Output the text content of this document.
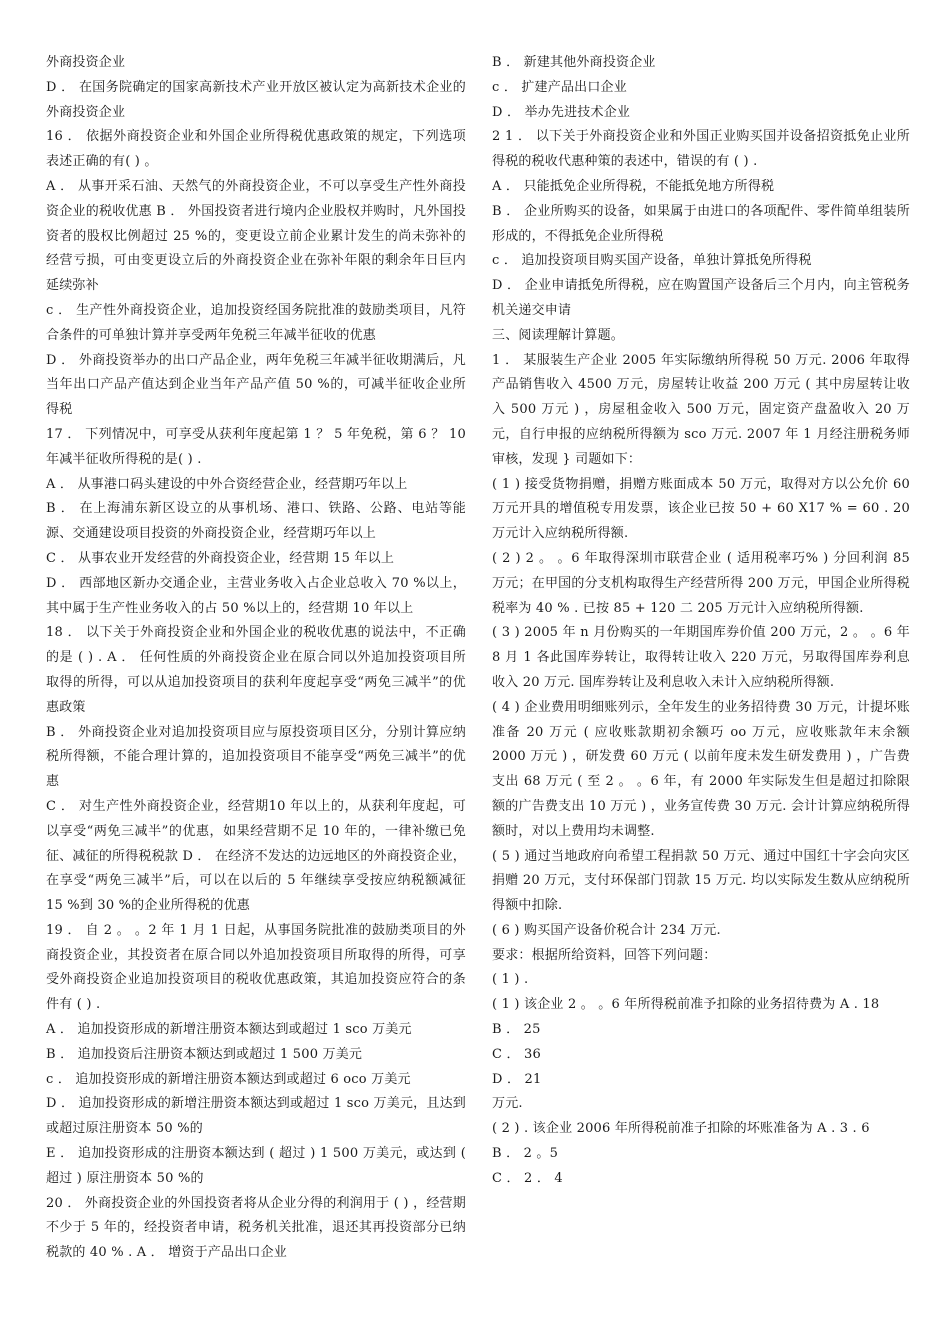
外商投资企业

D ． 在国务院确定的国家高新技术产业开放区被认定为高新技术企业的外商投资企业

16 ． 依据外商投资企业和外国企业所得税优惠政策的规定，下列选项表述正确的有( ) 。

A ． 从事开采石油、天然气的外商投资企业，不可以享受生产性外商投资企业的税收优惠 B ． 外国投资者进行境内企业股权并购时，凡外国投资者的股权比例超过 25 %的，变更设立前企业累计发生的尚未弥补的经营亏损，可由变更设立后的外商投资企业在弥补年限的剩余年日巨内延续弥补

c ． 生产性外商投资企业，追加投资经国务院批准的鼓励类项目，凡符合条件的可单独计算并享受两年免税三年减半征收的优惠

D ． 外商投资举办的出口产品企业，两年免税三年减半征收期满后，凡当年出口产品产值达到企业当年产品产值 50 %的，可减半征收企业所得税

17 ． 下列情况中，可享受从获利年度起第 1 ？ 5 年免税，第 6 ？ 10 年减半征收所得税的是( ) .

A ． 从事港口码头建设的中外合资经营企业，经营期巧年以上

B ． 在上海浦东新区设立的从事机场、港口、铁路、公路、电站等能源、交通建设项目投资的外商投资企业，经营期巧年以上

C ． 从事农业开发经营的外商投资企业，经营期 15 年以上

D ． 西部地区新办交通企业，主营业务收入占企业总收入 70 %以上，其中属于生产性业务收入的占 50 %以上的，经营期 10 年以上

18 ． 以下关于外商投资企业和外国企业的税收优惠的说法中，不正确的是 ( ) . A ． 任何性质的外商投资企业在原合同以外追加投资项目所取得的所得，可以从追加投资项目的获利年度起享受“两免三减半”的优惠政策

B ． 外商投资企业对追加投资项目应与原投资项目区分，分别计算应纳税所得额，不能合理计算的，追加投资项目不能享受“两免三减半”的优惠

C ． 对生产性外商投资企业，经营期10 年以上的，从获利年度起，可以享受“两免三减半”的优惠，如果经营期不足 10 年的，一律补缴已免征、减征的所得税税款 D ． 在经济不发达的边远地区的外商投资企业，在享受“两免三减半”后，可以在以后的 5 年继续享受按应纳税额减征 15 %到 30 %的企业所得税的优惠

19 ． 自 2 。 。2 年 1 月 1 日起，从事国务院批准的鼓励类项目的外商投资企业，其投资者在原合同以外追加投资项目所取得的所得，可享受外商投资企业追加投资项目的税收优惠政策，其追加投资应符合的条件有 ( ) .

A ． 追加投资形成的新增注册资本额达到或超过 1 sco 万美元

B ． 追加投资后注册资本额达到或超过 1 500 万美元

c ． 追加投资形成的新增注册资本额达到或超过 6 oco 万美元

D ． 追加投资形成的新增注册资本额达到或超过 1 sco 万美元，且达到或超过原注册资本 50 %的

E ． 追加投资形成的注册资本额达到 ( 超过 ) 1 500 万美元，或达到 ( 超过 ) 原注册资本 50 %的

20 ． 外商投资企业的外国投资者将从企业分得的利润用于 ( ) ，经营期不少于 5 年的，经投资者申请，税务机关批准，退还其再投资部分已纳税款的 40 % . A ． 增资于产品出口企业

B ． 新建其他外商投资企业

c ． 扩建产品出口企业

D ． 举办先进技术企业

2 1 ． 以下关于外商投资企业和外国正业购买国并设备招资抵免止业所得税的税收代惠种策的表述中，错误的有 ( ) .

A ． 只能抵免企业所得税，不能抵免地方所得税

B ． 企业所购买的设备，如果属于由进口的各项配件、零件简单组装所形成的，不得抵免企业所得税

c ． 追加投资项目购买国产设备，单独计算抵免所得税

D ． 企业申请抵免所得税，应在购置国产设备后三个月内，向主管税务机关递交申请

三、阅读理解计算题。

1 ． 某服装生产企业 2005 年实际缴纳所得税 50 万元. 2006 年取得产品销售收入 4500 万元，房屋转让收益 200 万元 ( 其中房屋转让收入 500 万元 ) ，房屋租金收入 500 万元，固定资产盘盈收入 20 万元，自行申报的应纳税所得额为 sco 万元. 2007 年 1 月经注册税务师审核，发现 } 司题如下：

( 1 ) 接受货物捐赠，捐赠方账面成本 50 万元，取得对方以公允价 60 万元开具的增值税专用发票，该企业已按 50 + 60 X17 % = 60 . 20 万元计入应纳税所得额.

( 2 ) 2 。 。6 年取得深圳市联营企业 ( 适用税率巧% ) 分回利润 85 万元；在甲国的分支机构取得生产经营所得 200 万元，甲国企业所得税税率为 40 % . 已按 85 + 120 二 205 万元计入应纳税所得额.

( 3 ) 2005 年 n 月份购买的一年期国库券价值 200 万元，2 。 。6 年 8 月 1 各此国库券转让，取得转让收入 220 万元，另取得国库券利息收入 20 万元. 国库券转让及利息收入未计入应纳税所得额.

( 4 ) 企业费用明细账列示，全年发生的业务招待费 30 万元，计提坏账准备 20 万元 ( 应收账款期初余额巧 oo 万元，应收账款年末余额 2000 万元 ) ，研发费 60 万元 ( 以前年度未发生研发费用 ) ，广告费支出 68 万元 ( 至 2 。 。6 年，有 2000 年实际发生但是超过扣除限额的广告费支出 10 万元 ) ，业务宣传费 30 万元. 会计计算应纳税所得额时，对以上费用均未调整.

( 5 ) 通过当地政府向希望工程捐款 50 万元、通过中国红十字会向灾区捐赠 20 万元，支付环保部门罚款 15 万元. 均以实际发生数从应纳税所得额中扣除.

( 6 ) 购买国产设备价税合计 234 万元.

要求：根据所给资料，回答下列问题：

( 1 ) .

( 1 ) 该企业 2 。 。6 年所得税前准予扣除的业务招待费为 A . 18

B ． 25

C ． 36

D ． 21

万元.

( 2 ) . 该企业 2006 年所得税前准子扣除的坏账准备为 A . 3 . 6

B ． 2 。5

C ． 2 ． 4
